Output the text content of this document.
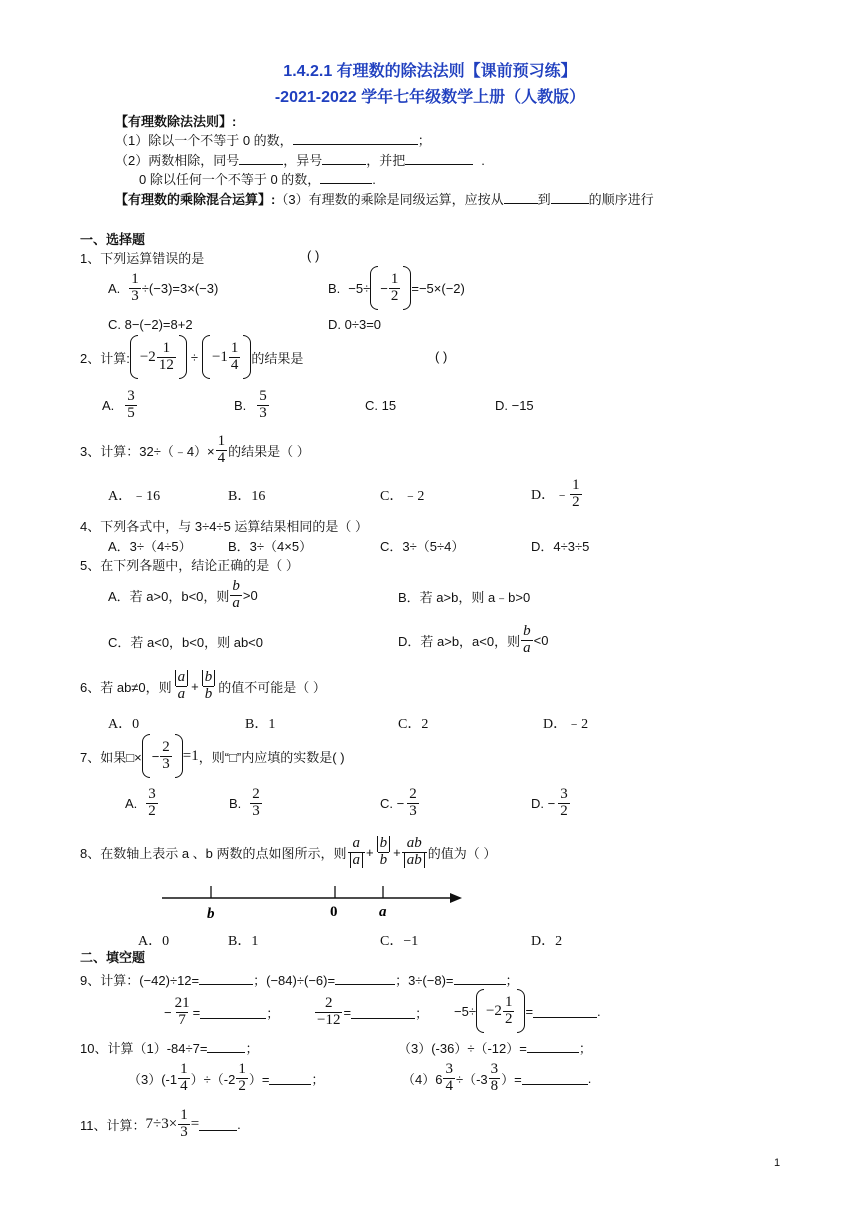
1.4.2.1 有理数的除法法则【课前预习练】
-2021-2022 学年七年级数学上册（人教版）
【有理数除法法则】:
（1）除以一个不等于 0 的数，	；
（2）两数相除，同号	，异号	，并把	.
0 除以任何一个不等于 0 的数，	.
【有理数的乘除混合运算】:（3）有理数的乘除是同级运算，应按从	到	的顺序进行
一、选择题
1、下列运算错误的是	( )
A. $\frac{1}{3} \div(-3)=3\times(-3)$	B. $-5\div - \frac{1}{2} =-5\times(-2)$
C. 8−(−2)=8+2	D. 0÷3=0
2、计算: $-2 \frac{1}{12} \div -1 \frac{1}{4}$ 的结果是	( )
A. $\frac{3}{5}$	B. $\frac{5}{3}$	C. 15	D. −15
3、计算：32÷（﹣4）× $\frac{1}{4}$ 的结果是（ ）
A．﹣16	B．16	C．﹣2	D．﹣ $\frac{1}{2}$
4、下列各式中，与 3÷4÷5 运算结果相同的是（ ）
A．3÷（4÷5）	B．3÷（4×5）	C．3÷（5÷4）	D．4÷3÷5
5、在下列各题中，结论正确的是（ ）
A．若 a>0，b<0，则 $\frac{b}{a} >0$	B．若 a>b，则 a﹣b>0
C．若 a<0，b<0，则 ab<0	D．若 a>b，a<0，则 $\frac{b}{a} <0$
6、若 ab≠0，则 $\frac{a}{a} + \frac{b}{b}$ 的值不可能是（ ）
A．0	B．1	C．2	D．﹣2
7、如果□× − $\frac{2}{3} =1$ ，则“□”内应填的实数是( )
A. $\frac{3}{2}$	B. $\frac{2}{3}$	C. − $\frac{2}{3}$	D. − $\frac{3}{2}$
8、在数轴上表示 a 、b 两数的点如图所示，则 $\frac{a}{a} + \frac{b}{b} + \frac{ab}{ab}$ 的值为（ ）
b	0	a
A．0	B．1	C．−1	D．2
二、填空题
9、计算：(−42)÷12=	；(−84)÷(−6)=	；3÷(−8)=	；
− $\frac{21}{7}$ =	； $\frac{2}{-12}$ =	； $-5\div -2 \frac{1}{2}$ =	.
10、计算（1）-84÷7=	；	（3）(-36）÷（-12）=	；
$(3)(-1 \frac{1}{4} )\div(-2 \frac{1}{2}$ ）=	；	$(4)6 \frac{3}{4} \div(-3 \frac{3}{8}$ ）=	.
11、计算： $7\div 3\times \frac{1}{3}$ =	.
1
